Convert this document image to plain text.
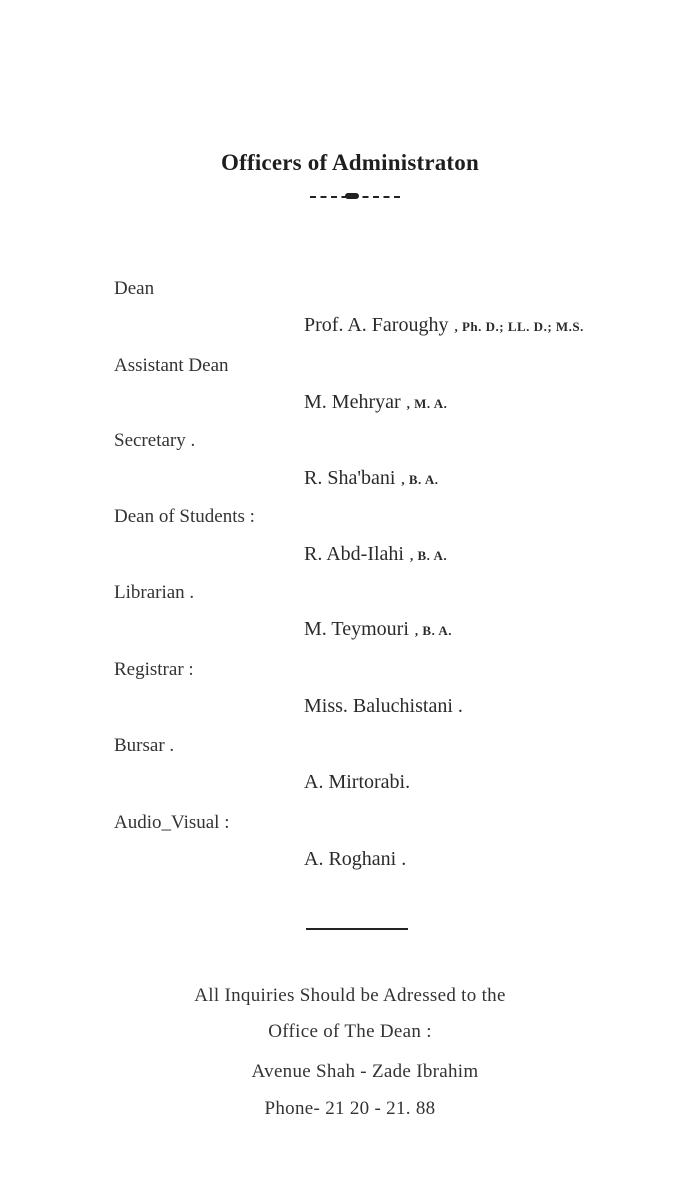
Officers of Administraton
Dean
Prof. A. Faroughy , Ph. D.; LL. D.; M.S.
Assistant Dean
M. Mehryar , M. A.
Secretary .
R. Sha'bani , B. A.
Dean of Students :
R. Abd-Ilahi , B. A.
Librarian .
M. Teymouri , B. A.
Registrar :
Miss. Baluchistani .
Bursar .
A. Mirtorabi.
Audio_Visual :
A. Roghani .
All Inquiries Should be Adressed to the
Office of The Dean :
Avenue Shah - Zade Ibrahim
Phone- 21 20 - 21. 88
